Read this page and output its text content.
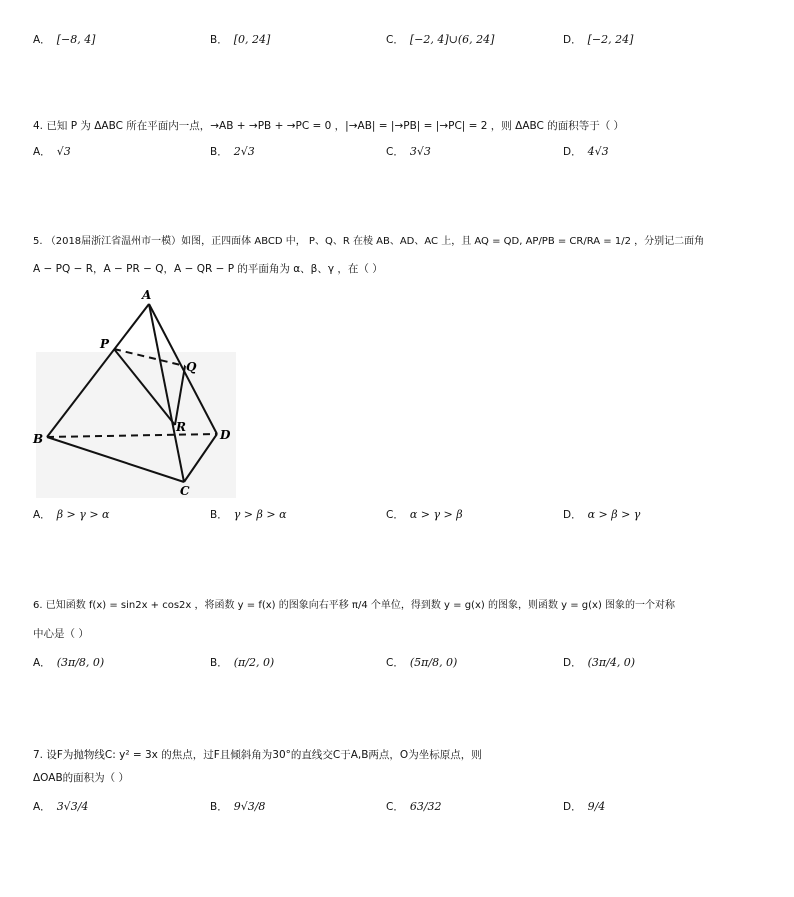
A． [−8, 4]	B． [0, 24]	C． [−2, 4]∪(6, 24]	D． [−2, 24]
4. 已知 P 为 ΔABC 所在平面内一点，→AB + →PB + →PC = 0 ，|→AB| = |→PB| = |→PC| = 2 ，则 ΔABC 的面积等于（ ）
A． √3	B． 2√3	C． 3√3	D． 4√3
5. （2018届浙江省温州市一模）如图，正四面体 ABCD 中， P、Q、R 在棱 AB、AD、AC 上，且 AQ = QD, AP/PB = CR/RA = 1/2 ，分别记二面角
A − PQ − R，A − PR − Q，A − QR − P 的平面角为 α、β、γ ，在（ ）
A
P
Q
R
B	D
C
A． β > γ > α	B． γ > β > α	C． α > γ > β	D． α > β > γ
6. 已知函数 f(x) = sin2x + cos2x ，将函数 y = f(x) 的图象向右平移 π/4 个单位，得到数 y = g(x) 的图象，则函数 y = g(x) 图象的一个对称
中心是（ ）
A． (3π/8, 0)	B． (π/2, 0)	C． (5π/8, 0)	D． (3π/4, 0)
7. 设F为抛物线C: y² = 3x 的焦点，过F且倾斜角为30°的直线交C于A,B两点，O为坐标原点，则
ΔOAB的面积为（ ）
A． 3√3/4	B． 9√3/8	C． 63/32	D． 9/4
